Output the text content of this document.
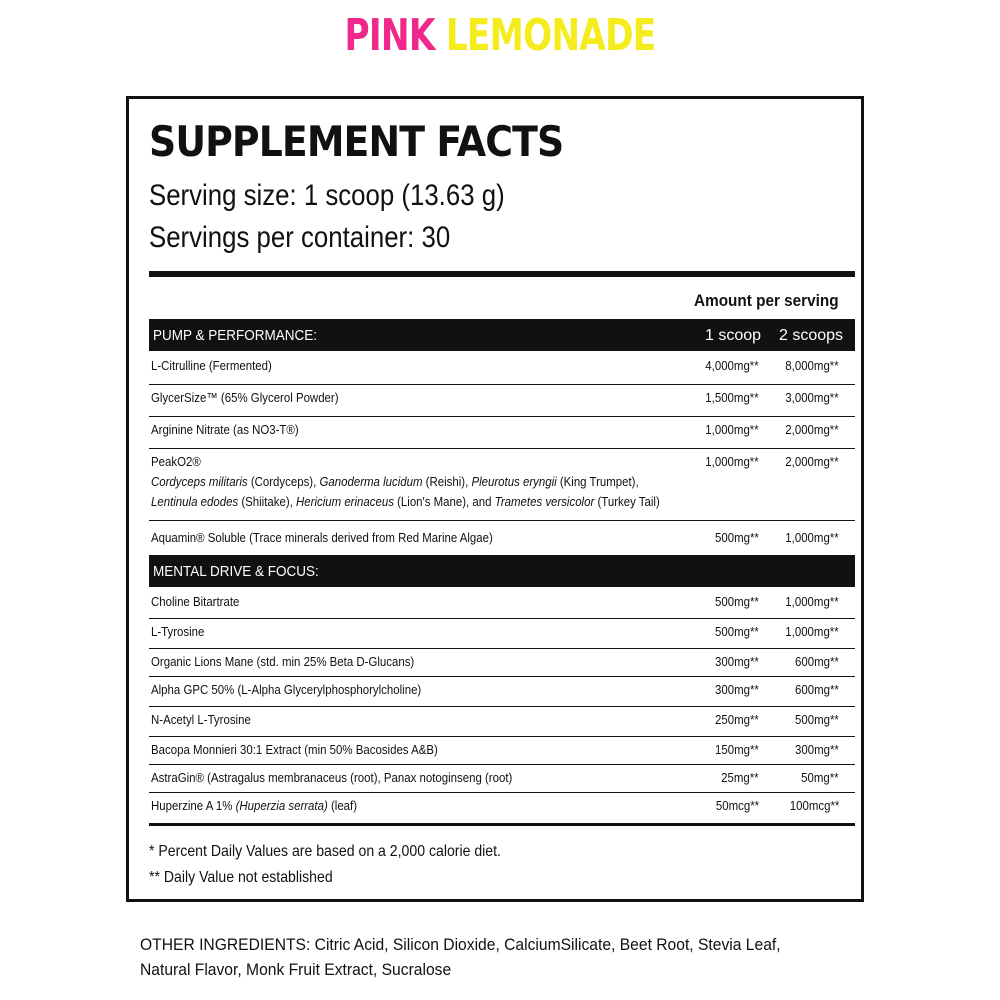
PINK LEMONADE
SUPPLEMENT FACTS
Serving size: 1 scoop (13.63 g)
Servings per container: 30
Amount per serving
PUMP & PERFORMANCE:	1 scoop 2 scoops
L-Citrulline (Fermented)	4,000mg** 8,000mg**
GlycerSize™ (65% Glycerol Powder)	1,500mg** 3,000mg**
Arginine Nitrate (as NO3-T®)	1,000mg** 2,000mg**
PeakO2®	1,000mg** 2,000mg**
Cordyceps militaris (Cordyceps), Ganoderma lucidum (Reishi), Pleurotus eryngii (King Trumpet),
Lentinula edodes (Shiitake), Hericium erinaceus (Lion's Mane), and Trametes versicolor (Turkey Tail)
Aquamin® Soluble (Trace minerals derived from Red Marine Algae)	500mg** 1,000mg**
MENTAL DRIVE & FOCUS:
Choline Bitartrate	500mg** 1,000mg**
L-Tyrosine	500mg** 1,000mg**
Organic Lions Mane (std. min 25% Beta D-Glucans)	300mg**	600mg**
Alpha GPC 50% (L-Alpha Glycerylphosphorylcholine)	300mg**	600mg**
N-Acetyl L-Tyrosine	250mg**	500mg**
Bacopa Monnieri 30:1 Extract (min 50% Bacosides A&B)	150mg**	300mg**
AstraGin® (Astragalus membranaceus (root), Panax notoginseng (root)	25mg**	50mg**
Huperzine A 1% (Huperzia serrata) (leaf)	50mcg** 100mcg**
* Percent Daily Values are based on a 2,000 calorie diet.
** Daily Value not established
OTHER INGREDIENTS: Citric Acid, Silicon Dioxide, CalciumSilicate, Beet Root, Stevia Leaf, Natural Flavor, Monk Fruit Extract, Sucralose
